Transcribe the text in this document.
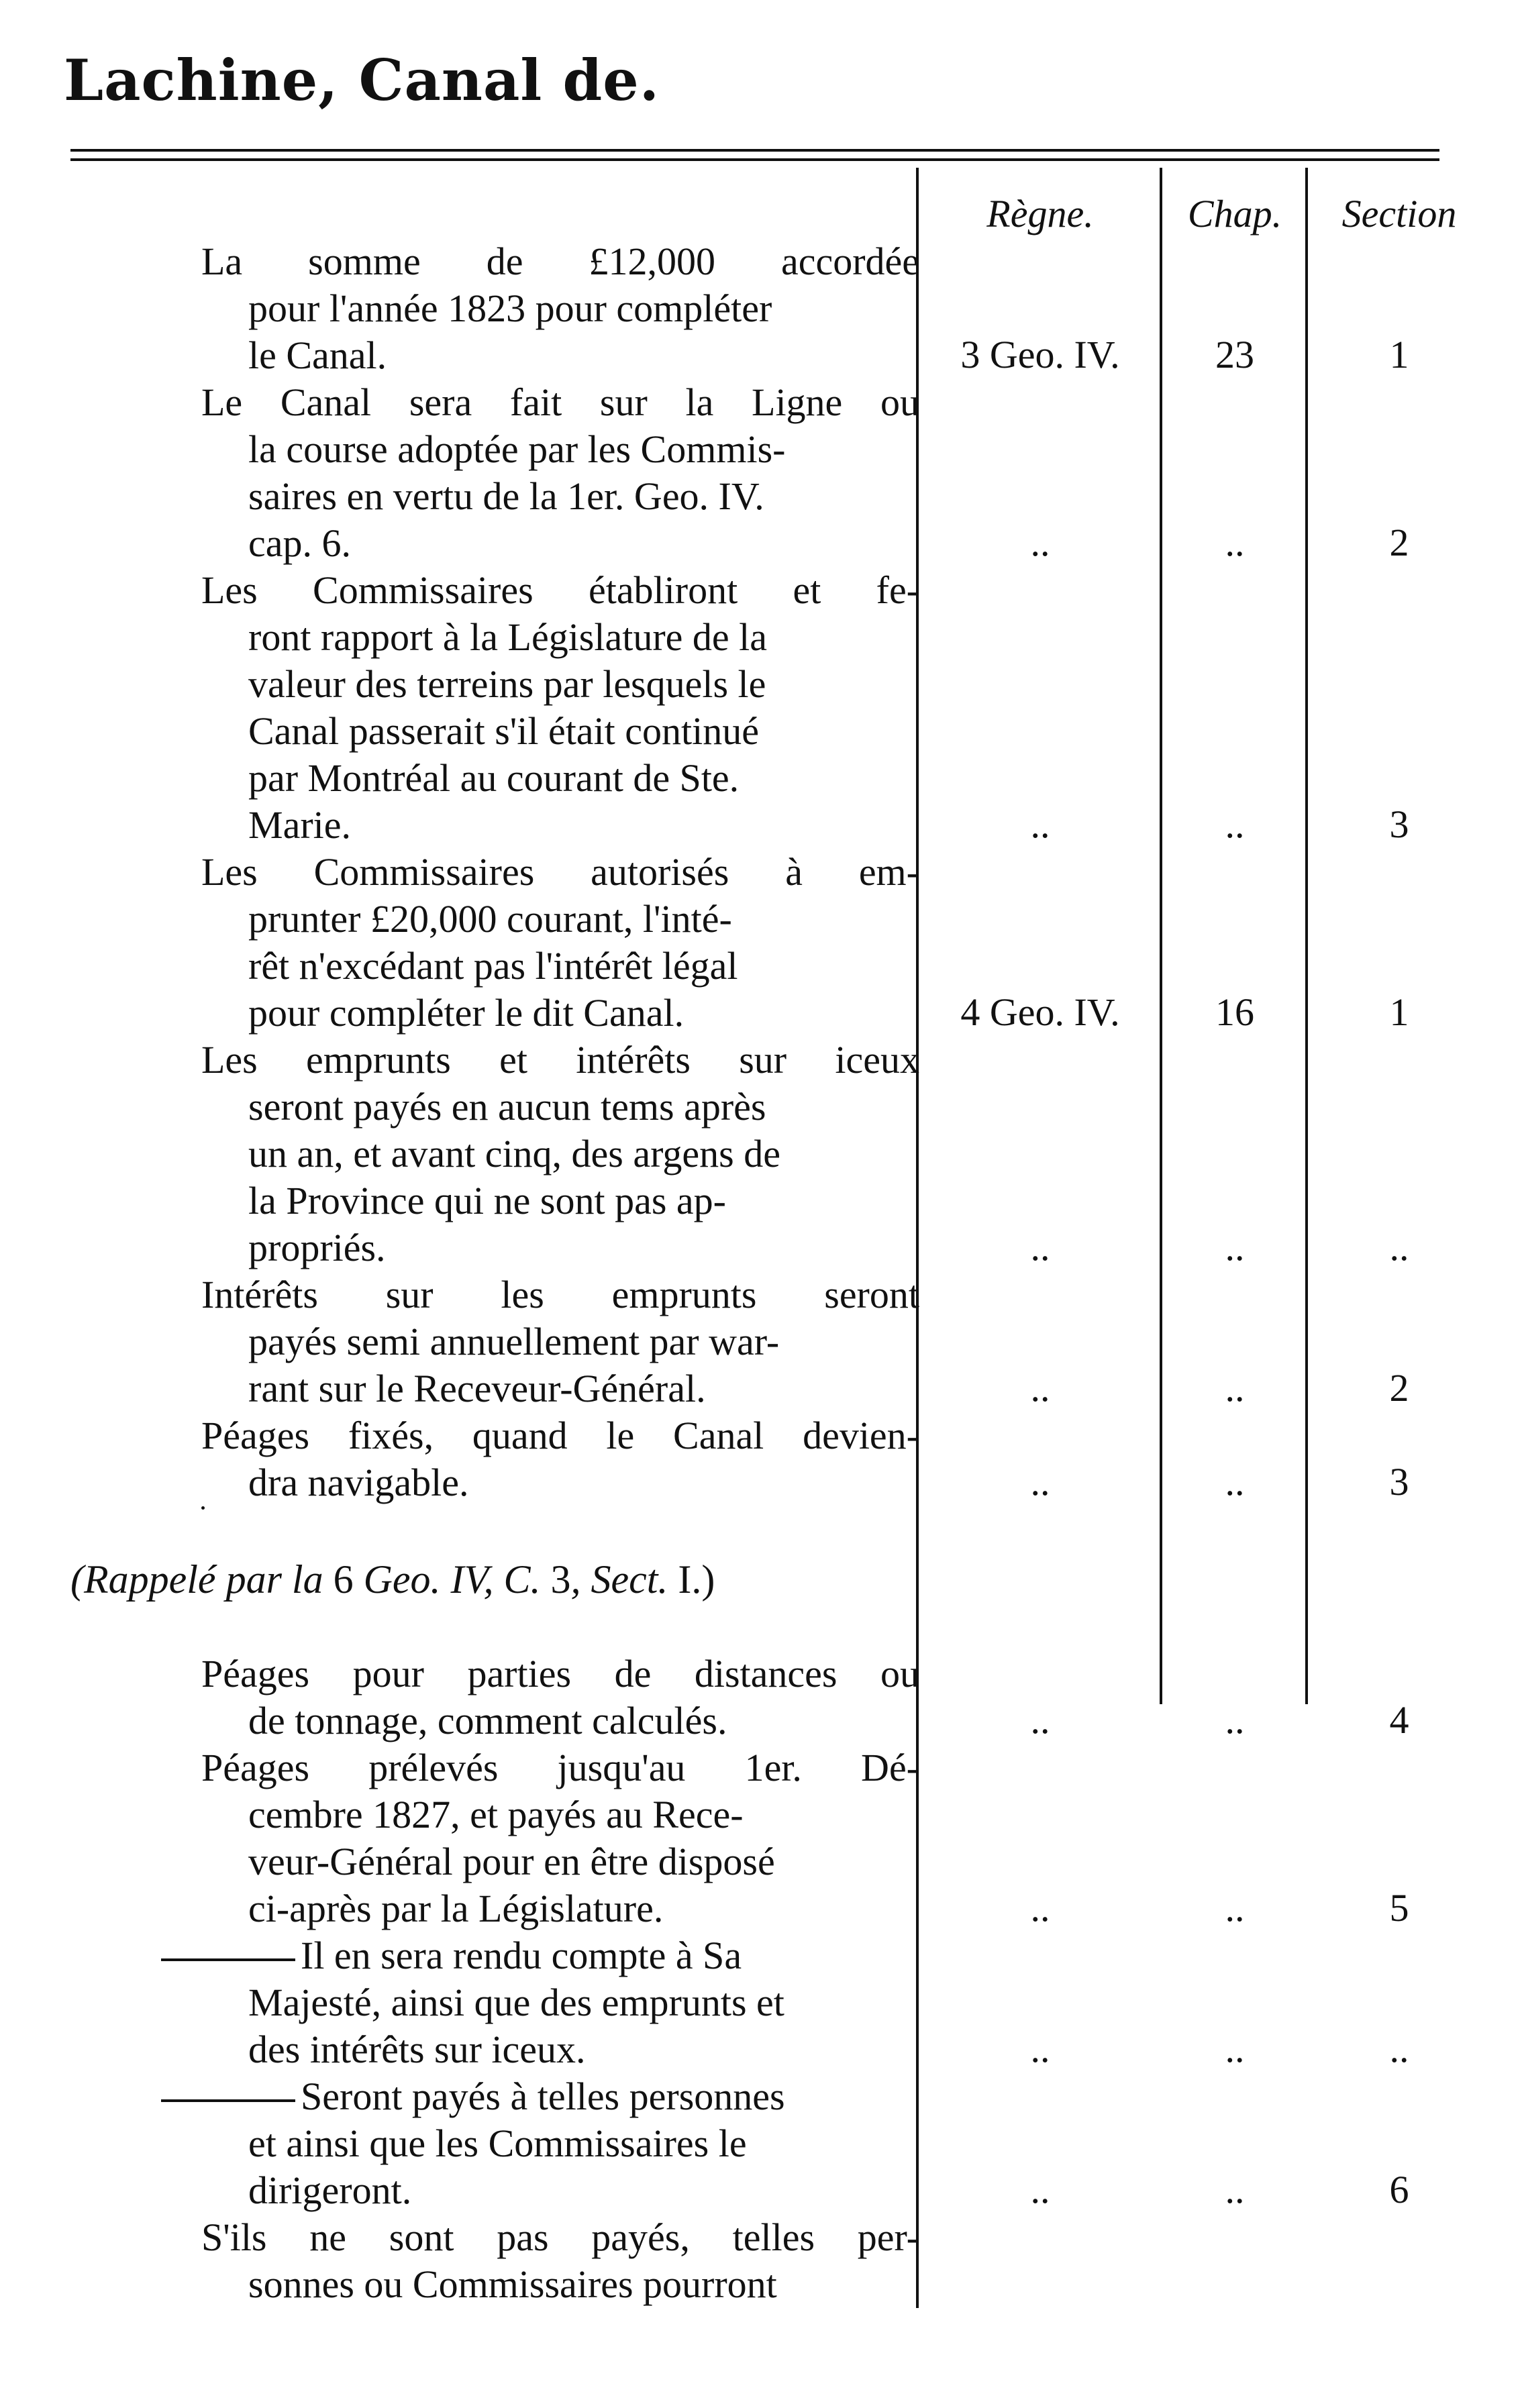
Lachine, Canal de.
Règne.	Chap.	Section
La somme de £12,000 accordée
pour l'année 1823 pour compléter
le Canal.	3 Geo. IV.	23	1
Le Canal sera fait sur la Ligne ou
la course adoptée par les Commis-
saires en vertu de la 1er. Geo. IV.
cap. 6.	..	..	2
Les Commissaires établiront et fe-
ront rapport à la Législature de la
valeur des terreins par lesquels le
Canal passerait s'il était continué
par Montréal au courant de Ste.
Marie.	..	..	3
Les Commissaires autorisés à em-
prunter £20,000 courant, l'inté-
rêt n'excédant pas l'intérêt légal
pour compléter le dit Canal.	4 Geo. IV.	16	1
Les emprunts et intérêts sur iceux
seront payés en aucun tems après
un an, et avant cinq, des argens de
la Province qui ne sont pas ap-
propriés.	..	..	..
Intérêts sur les emprunts seront
payés semi annuellement par war-
rant sur le Receveur-Général.	..	..	2
Péages fixés, quand le Canal devien-
dra navigable.	..	..	3
(Rappelé par la 6 Geo. IV, C. 3, Sect. I.)
Péages pour parties de distances ou
de tonnage, comment calculés.	..	..	4
Péages prélevés jusqu'au 1er. Dé-
cembre 1827, et payés au Rece-
veur-Général pour en être disposé
ci-après par la Législature.	..	..	5
Il en sera rendu compte à Sa
Majesté, ainsi que des emprunts et
des intérêts sur iceux.	..	..	..
Seront payés à telles personnes
et ainsi que les Commissaires le
dirigeront.	..	..	6
S'ils ne sont pas payés, telles per-
sonnes ou Commissaires pourront
